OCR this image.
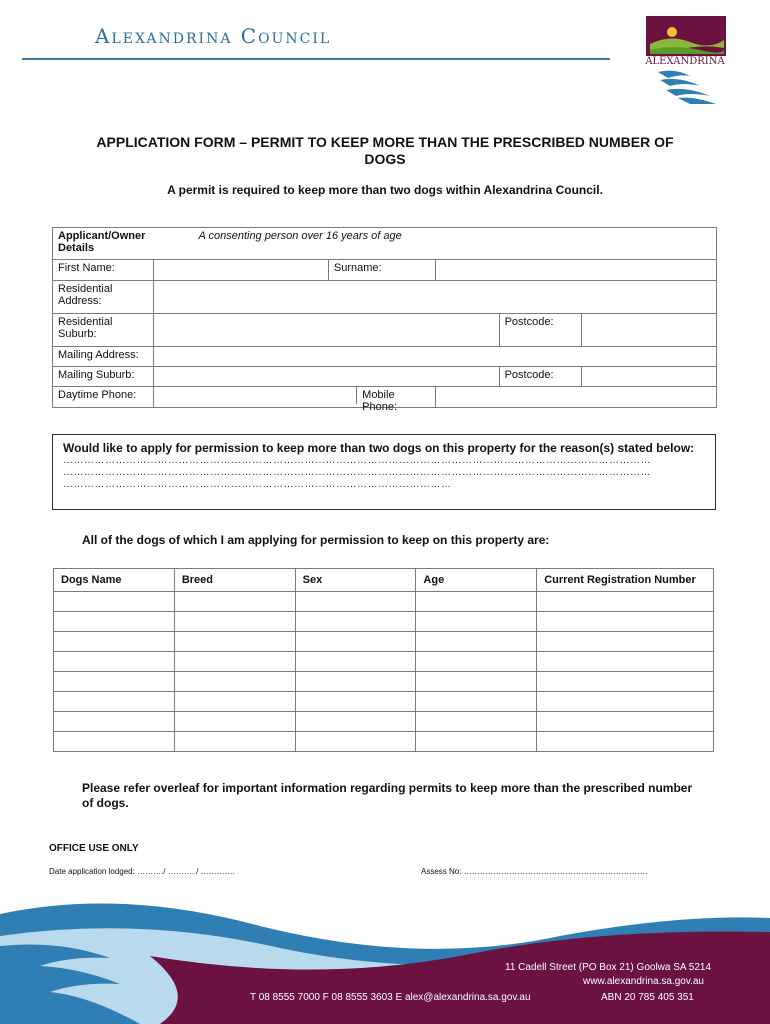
Alexandrina Council
ALEXANDRINA
APPLICATION FORM – PERMIT TO KEEP MORE THAN THE PRESCRIBED NUMBER OF DOGS
A permit is required to keep more than two dogs within Alexandrina Council.
Applicant/Owner Details	A consenting person over 16 years of age				
First Name:		Surname:			
Residential Address:					
Residential Suburb:				Postcode:	
Mailing Address:					
Mailing Suburb:				Postcode:	
Daytime Phone:	Mobile Phone:				

Would like to apply for permission to keep more than two dogs on this property for the reason(s) stated below:
……………………………………………………………………………………………………………………………………………………
……………………………………………………………………………………………………………………………………………………
…………………………………………………………………………………………………
All of the dogs of which I am applying for permission to keep on this property are:
Dogs Name	Breed	Sex	Age	Current Registration Number

Please refer overleaf for important information regarding permits to keep more than the prescribed number of dogs.
OFFICE USE ONLY
Date application lodged: ………./ ………. / ………….	Assess No: ……………………………………………………………
11 Cadell Street (PO Box 21) Goolwa SA 5214
www.alexandrina.sa.gov.au
T 08 8555 7000 F 08 8555 3603 E alex@alexandrina.sa.gov.au	ABN 20 785 405 351
